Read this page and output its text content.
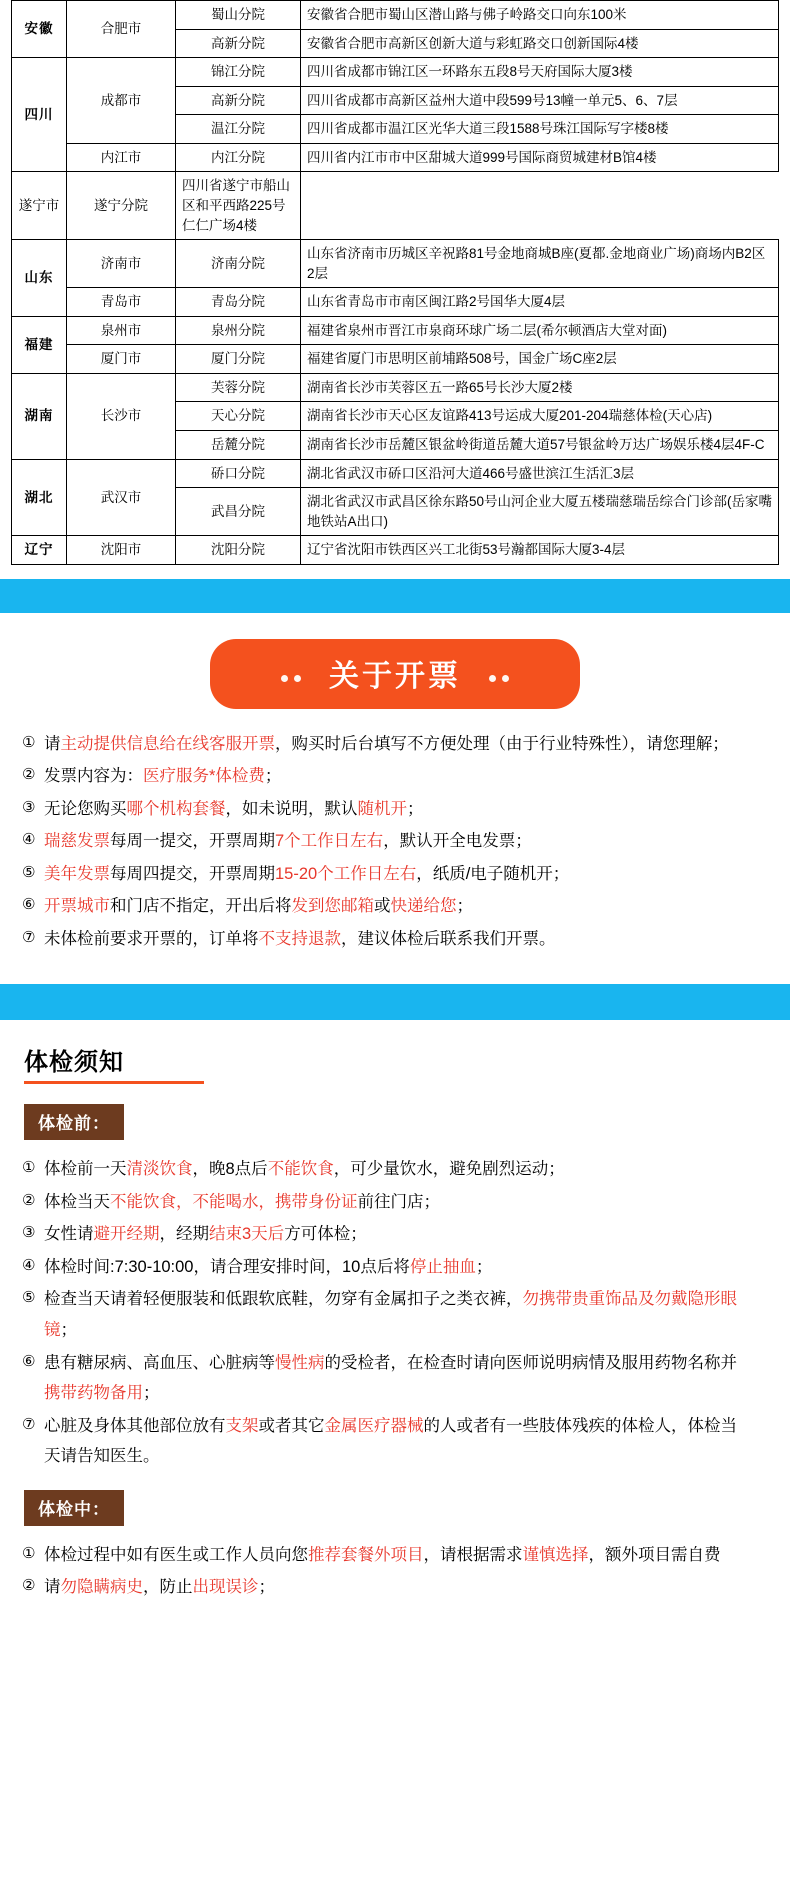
安徽	合肥市	蜀山分院	安徽省合肥市蜀山区潜山路与佛子岭路交口向东100米
		高新分院	安徽省合肥市高新区创新大道与彩虹路交口创新国际4楼
四川	成都市	锦江分院	四川省成都市锦江区一环路东五段8号天府国际大厦3楼
		高新分院	四川省成都市高新区益州大道中段599号13幢一单元5、6、7层
		温江分院	四川省成都市温江区光华大道三段1588号珠江国际写字楼8楼
	内江市	内江分院	四川省内江市市中区甜城大道999号国际商贸城建材B馆4楼
遂宁市	遂宁分院	四川省遂宁市船山区和平西路225号仁仁广场4楼	
山东	济南市	济南分院	山东省济南市历城区辛祝路81号金地商城B座(夏都.金地商业广场)商场内B2区2层
	青岛市	青岛分院	山东省青岛市市南区闽江路2号国华大厦4层
福建	泉州市	泉州分院	福建省泉州市晋江市泉商环球广场二层(希尔顿酒店大堂对面)
	厦门市	厦门分院	福建省厦门市思明区前埔路508号，国金广场C座2层
湖南	长沙市	芙蓉分院	湖南省长沙市芙蓉区五一路65号长沙大厦2楼
		天心分院	湖南省长沙市天心区友谊路413号运成大厦201-204瑞慈体检(天心店)
		岳麓分院	湖南省长沙市岳麓区银盆岭街道岳麓大道57号银盆岭万达广场娱乐楼4层4F-C
湖北	武汉市	硚口分院	湖北省武汉市硚口区沿河大道466号盛世滨江生活汇3层
		武昌分院	湖北省武汉市武昌区徐东路50号山河企业大厦五楼瑞慈瑞岳综合门诊部(岳家嘴地铁站A出口)
辽宁	沈阳市	沈阳分院	辽宁省沈阳市铁西区兴工北街53号瀚都国际大厦3-4层
关于开票
① 请主动提供信息给在线客服开票，购买时后台填写不方便处理（由于行业特殊性），请您理解；
② 发票内容为：医疗服务*体检费；
③ 无论您购买哪个机构套餐，如未说明，默认随机开；
④ 瑞慈发票每周一提交，开票周期7个工作日左右，默认开全电发票；
⑤ 美年发票每周四提交，开票周期15-20个工作日左右，纸质/电子随机开；
⑥ 开票城市和门店不指定，开出后将发到您邮箱或快递给您；
⑦ 未体检前要求开票的，订单将不支持退款，建议体检后联系我们开票。
体检须知
体检前：
① 体检前一天清淡饮食，晚8点后不能饮食，可少量饮水，避免剧烈运动；
② 体检当天不能饮食，不能喝水，携带身份证前往门店；
③ 女性请避开经期，经期结束3天后方可体检；
④ 体检时间:7:30-10:00，请合理安排时间，10点后将停止抽血；
⑤ 检查当天请着轻便服装和低跟软底鞋，勿穿有金属扣子之类衣裤，勿携带贵重饰品及勿戴隐形眼镜；
⑥ 患有糖尿病、高血压、心脏病等慢性病的受检者，在检查时请向医师说明病情及服用药物名称并携带药物备用；
⑦ 心脏及身体其他部位放有支架或者其它金属医疗器械的人或者有一些肢体残疾的体检人，体检当天请告知医生。
体检中：
① 体检过程中如有医生或工作人员向您推荐套餐外项目，请根据需求谨慎选择，额外项目需自费
② 请勿隐瞒病史，防止出现误诊；
